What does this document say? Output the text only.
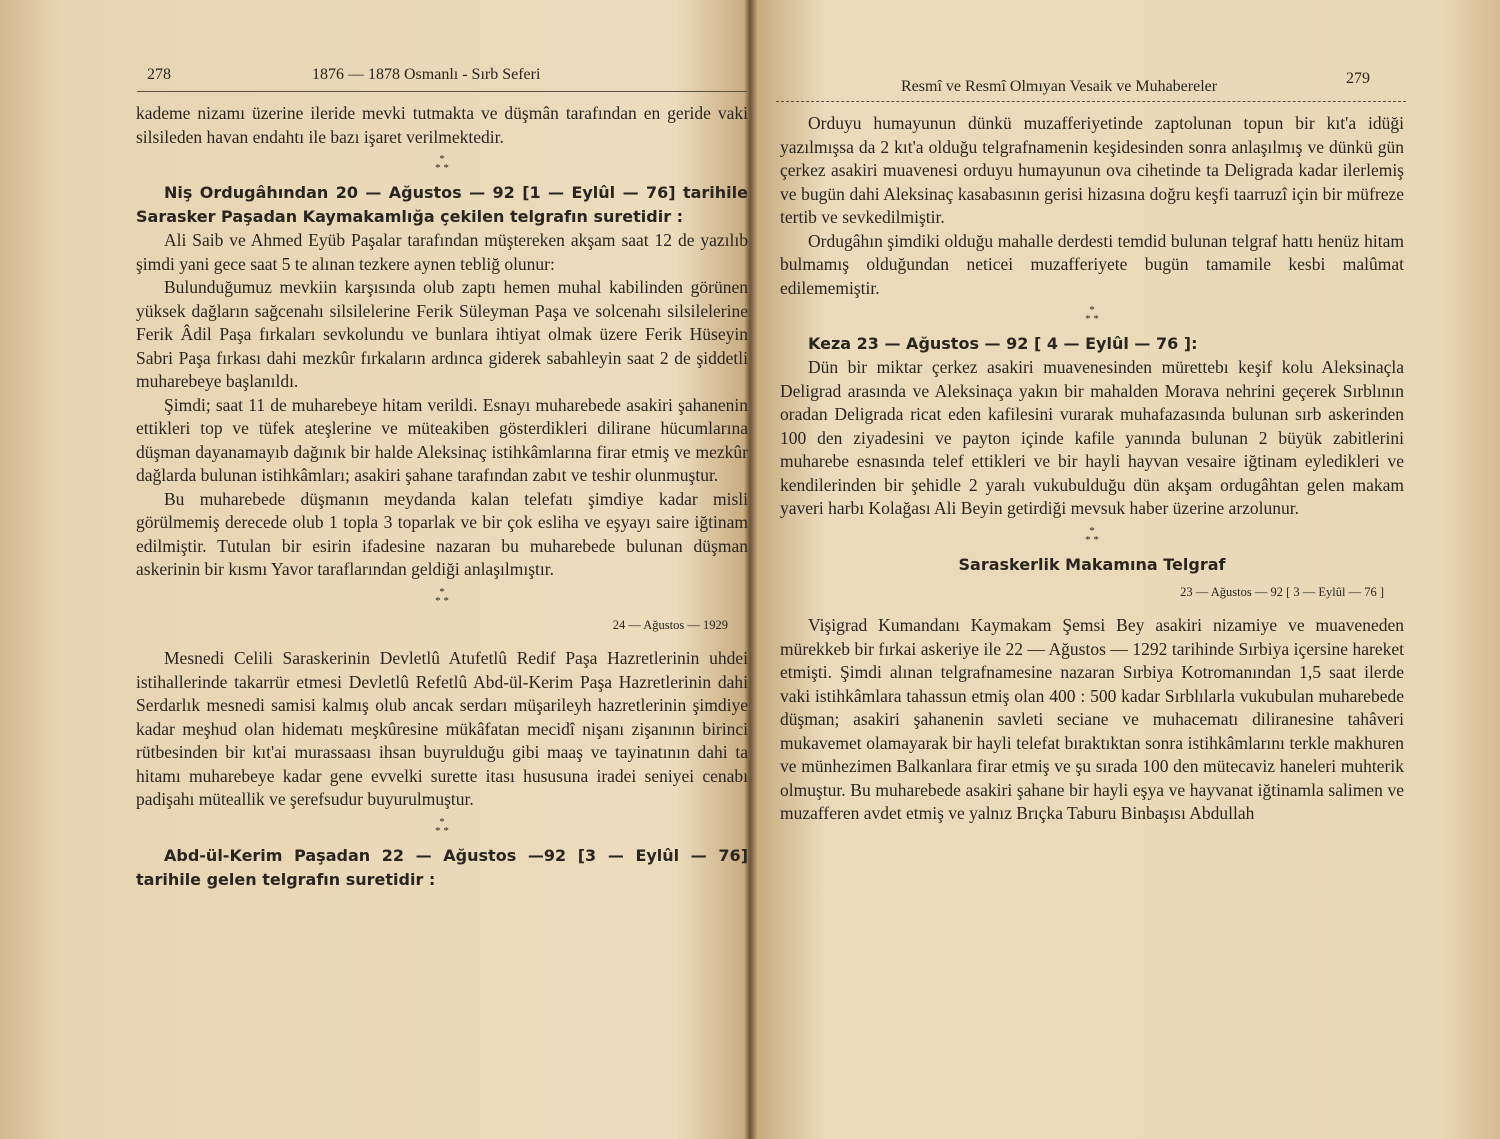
278	1876 — 1878 Osmanlı - Sırb Seferi

kademe nizamı üzerine ileride mevki tutmakta ve düşmân tarafından en geride vaki silsileden havan endahtı ile bazı işaret verilmektedir.

*
* *

Niş Ordugâhından 20 — Ağustos — 92 [1 — Eylûl — 76] tarihile Sarasker Paşadan Kaymakamlığa çekilen telgrafın suretidir :

Ali Saib ve Ahmed Eyüb Paşalar tarafından müştereken akşam saat 12 de yazılıb şimdi yani gece saat 5 te alınan tezkere aynen tebliğ olunur:

Bulunduğumuz mevkiin karşısında olub zaptı hemen muhal kabilinden görünen yüksek dağların sağcenahı silsilelerine Ferik Süleyman Paşa ve solcenahı silsilelerine Ferik Âdil Paşa fırkaları sevkolundu ve bunlara ihtiyat olmak üzere Ferik Hüseyin Sabri Paşa fırkası dahi mezkûr fırkaların ardınca giderek sabahleyin saat 2 de şiddetli muharebeye başlanıldı.

Şimdi; saat 11 de muharebeye hitam verildi. Esnayı muharebede asakiri şahanenin ettikleri top ve tüfek ateşlerine ve müteakiben gösterdikleri dilirane hücumlarına düşman dayanamayıb dağınık bir halde Aleksinaç istihkâmlarına firar etmiş ve mezkûr dağlarda bulunan istihkâmları; asakiri şahane tarafından zabıt ve teshir olunmuştur.

Bu muharebede düşmanın meydanda kalan telefatı şimdiye kadar misli görülmemiş derecede olub 1 topla 3 toparlak ve bir çok esliha ve eşyayı saire iğtinam edilmiştir. Tutulan bir esirin ifadesine nazaran bu muharebede bulunan düşman askerinin bir kısmı Yavor taraflarından geldiği anlaşılmıştır.

*
* *
24 — Ağustos — 1929

Mesnedi Celili Saraskerinin Devletlû Atufetlû Redif Paşa Hazretlerinin uhdei istihallerinde takarrür etmesi Devletlû Refetlû Abd-ül-Kerim Paşa Hazretlerinin dahi Serdarlık mesnedi samisi kalmış olub ancak serdarı müşarileyh hazretlerinin şimdiye kadar meşhud olan hidematı meşkûresine mükâfatan mecidî nişanı zişanının birinci rütbesinden bir kıt'ai murassaası ihsan buyrulduğu gibi maaş ve tayinatının dahi ta hitamı muharebeye kadar gene evvelki surette itası hususuna iradei seniyei cenabı padişahı müteallik ve şerefsudur buyurulmuştur.

*
* *

Abd-ül-Kerim Paşadan 22 — Ağustos —92 [3 — Eylûl — 76] tarihile gelen telgrafın suretidir :

Resmî ve Resmî Olmıyan Vesaik ve Muhabereler	279

Orduyu humayunun dünkü muzafferiyetinde zaptolunan topun bir kıt'a idüği yazılmışsa da 2 kıt'a olduğu telgrafnamenin keşidesinden sonra anlaşılmış ve dünkü gün çerkez asakiri muavenesi orduyu humayunun ova cihetinde ta Deligrada kadar ilerlemiş ve bugün dahi Aleksinaç kasabasının gerisi hizasına doğru keşfi taarruzî için bir müfreze tertib ve sevkedilmiştir.

Ordugâhın şimdiki olduğu mahalle derdesti temdid bulunan telgraf hattı henüz hitam bulmamış olduğundan neticei muzafferiyete bugün tamamile kesbi malûmat edilememiştir.

*
* *

Keza 23 — Ağustos — 92 [ 4 — Eylûl — 76 ]:

Dün bir miktar çerkez asakiri muavenesinden mürettebı keşif kolu Aleksinaçla Deligrad arasında ve Aleksinaça yakın bir mahalden Morava nehrini geçerek Sırblının oradan Deligrada ricat eden kafilesini vurarak muhafazasında bulunan sırb askerinden 100 den ziyadesini ve payton içinde kafile yanında bulunan 2 büyük zabitlerini muharebe esnasında telef ettikleri ve bir hayli hayvan vesaire iğtinam eyledikleri ve kendilerinden bir şehidle 2 yaralı vukubulduğu dün akşam ordugâhtan gelen makam yaveri harbı Kolağası Ali Beyin getirdiği mevsuk haber üzerine arzolunur.

*
* *

Saraskerlik Makamına Telgraf

23 — Ağustos — 92 [ 3 — Eylûl — 76 ]

Vişigrad Kumandanı Kaymakam Şemsi Bey asakiri nizamiye ve muaveneden mürekkeb bir fırkai askeriye ile 22 — Ağustos — 1292 tarihinde Sırbiya içersine hareket etmişti. Şimdi alınan telgrafnamesine nazaran Sırbiya Kotromanından 1,5 saat ilerde vaki istihkâmlara tahassun etmiş olan 400 : 500 kadar Sırblılarla vukubulan muharebede düşman; asakiri şahanenin savleti seciane ve muhacematı diliranesine tahâveri mukavemet olamayarak bir hayli telefat bıraktıktan sonra istihkâmlarını terkle makhuren ve münhezimen Balkanlara firar etmiş ve şu sırada 100 den mütecaviz haneleri muhterik olmuştur. Bu muharebede asakiri şahane bir hayli eşya ve hayvanat iğtinamla salimen ve muzafferen avdet etmiş ve yalnız Brıçka Taburu Binbaşısı Abdullah
